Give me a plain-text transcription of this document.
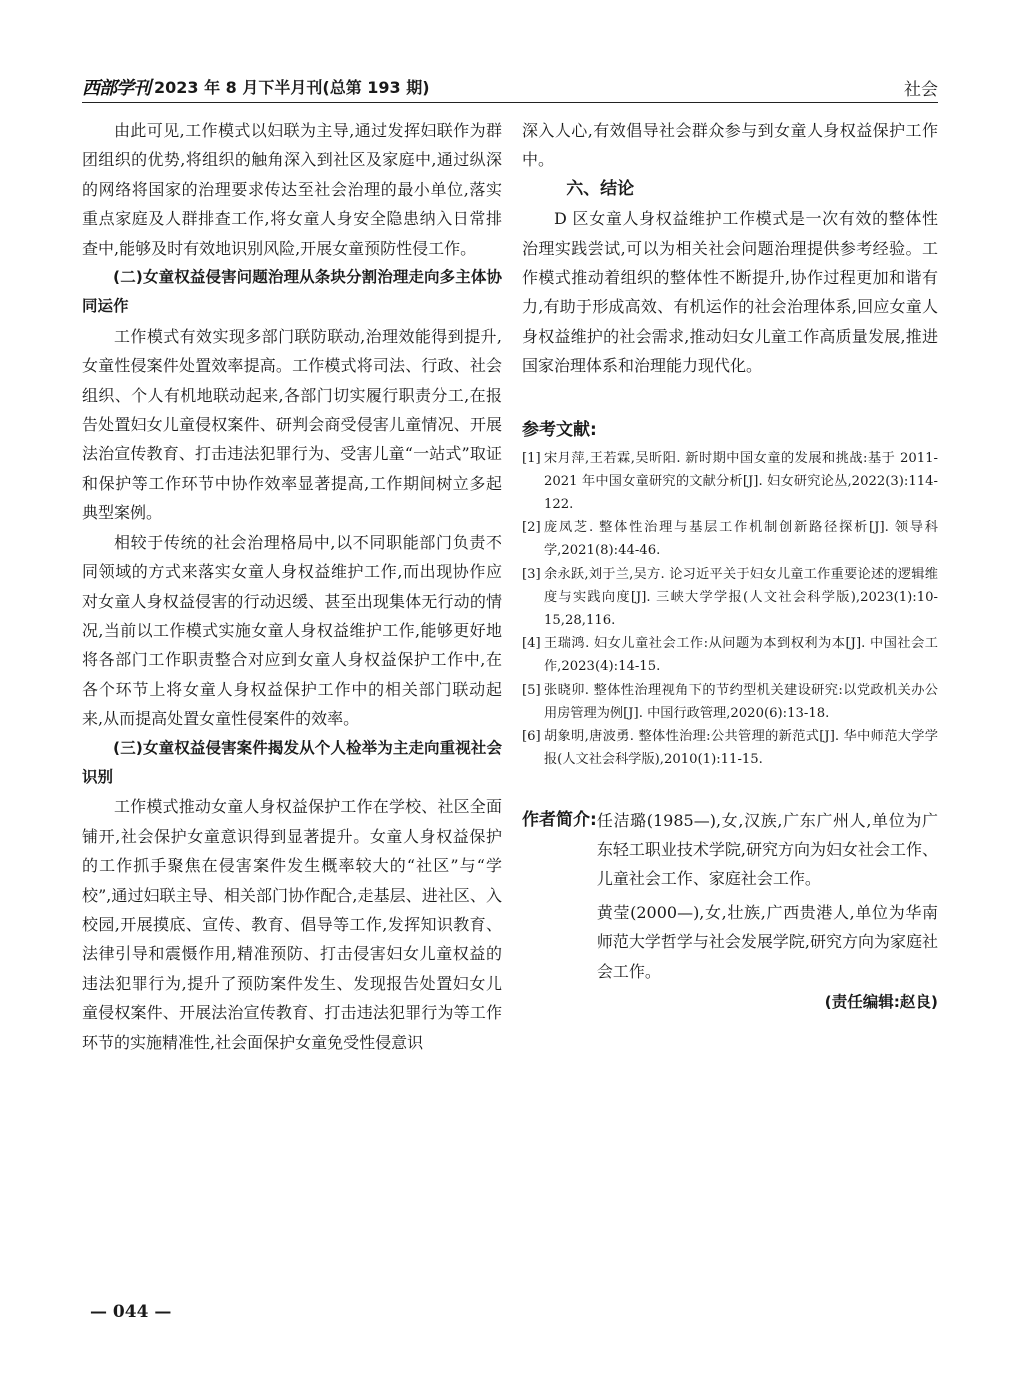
西部学刊 2023 年 8 月下半月刊(总第 193 期)	社会

由此可见,工作模式以妇联为主导,通过发挥妇联作为群团组织的优势,将组织的触角深入到社区及家庭中,通过纵深的网络将国家的治理要求传达至社会治理的最小单位,落实重点家庭及人群排查工作,将女童人身安全隐患纳入日常排查中,能够及时有效地识别风险,开展女童预防性侵工作。

(二)女童权益侵害问题治理从条块分割治理走向多主体协同运作

工作模式有效实现多部门联防联动,治理效能得到提升,女童性侵案件处置效率提高。工作模式将司法、行政、社会组织、个人有机地联动起来,各部门切实履行职责分工,在报告处置妇女儿童侵权案件、研判会商受侵害儿童情况、开展法治宣传教育、打击违法犯罪行为、受害儿童“一站式”取证和保护等工作环节中协作效率显著提高,工作期间树立多起典型案例。

相较于传统的社会治理格局中,以不同职能部门负责不同领域的方式来落实女童人身权益维护工作,而出现协作应对女童人身权益侵害的行动迟缓、甚至出现集体无行动的情况,当前以工作模式实施女童人身权益维护工作,能够更好地将各部门工作职责整合对应到女童人身权益保护工作中,在各个环节上将女童人身权益保护工作中的相关部门联动起来,从而提高处置女童性侵案件的效率。

(三)女童权益侵害案件揭发从个人检举为主走向重视社会识别

工作模式推动女童人身权益保护工作在学校、社区全面铺开,社会保护女童意识得到显著提升。女童人身权益保护的工作抓手聚焦在侵害案件发生概率较大的“社区”与“学校”,通过妇联主导、相关部门协作配合,走基层、进社区、入校园,开展摸底、宣传、教育、倡导等工作,发挥知识教育、法律引导和震慑作用,精准预防、打击侵害妇女儿童权益的违法犯罪行为,提升了预防案件发生、发现报告处置妇女儿童侵权案件、开展法治宣传教育、打击违法犯罪行为等工作环节的实施精准性,社会面保护女童免受性侵意识

深入人心,有效倡导社会群众参与到女童人身权益保护工作中。

六、结论

D 区女童人身权益维护工作模式是一次有效的整体性治理实践尝试,可以为相关社会问题治理提供参考经验。工作模式推动着组织的整体性不断提升,协作过程更加和谐有力,有助于形成高效、有机运作的社会治理体系,回应女童人身权益维护的社会需求,推动妇女儿童工作高质量发展,推进国家治理体系和治理能力现代化。

参考文献:
[1] 宋月萍,王若霖,吴昕阳. 新时期中国女童的发展和挑战:基于 2011-2021 年中国女童研究的文献分析[J]. 妇女研究论丛,2022(3):114-122.
[2] 庞凤芝. 整体性治理与基层工作机制创新路径探析[J]. 领导科学,2021(8):44-46.
[3] 余永跃,刘于兰,吴方. 论习近平关于妇女儿童工作重要论述的逻辑维度与实践向度[J]. 三峡大学学报(人文社会科学版),2023(1):10-15,28,116.
[4] 王瑞鸿. 妇女儿童社会工作:从问题为本到权利为本[J]. 中国社会工作,2023(4):14-15.
[5] 张晓卯. 整体性治理视角下的节约型机关建设研究:以党政机关办公用房管理为例[J]. 中国行政管理,2020(6):13-18.
[6] 胡象明,唐波勇. 整体性治理:公共管理的新范式[J]. 华中师范大学学报(人文社会科学版),2010(1):11-15.
作者简介: 任洁璐(1985—),女,汉族,广东广州人,单位为广东轻工职业技术学院,研究方向为妇女社会工作、儿童社会工作、家庭社会工作。

黄莹(2000—),女,壮族,广西贵港人,单位为华南师范大学哲学与社会发展学院,研究方向为家庭社会工作。

(责任编辑:赵良)
— 044 —
